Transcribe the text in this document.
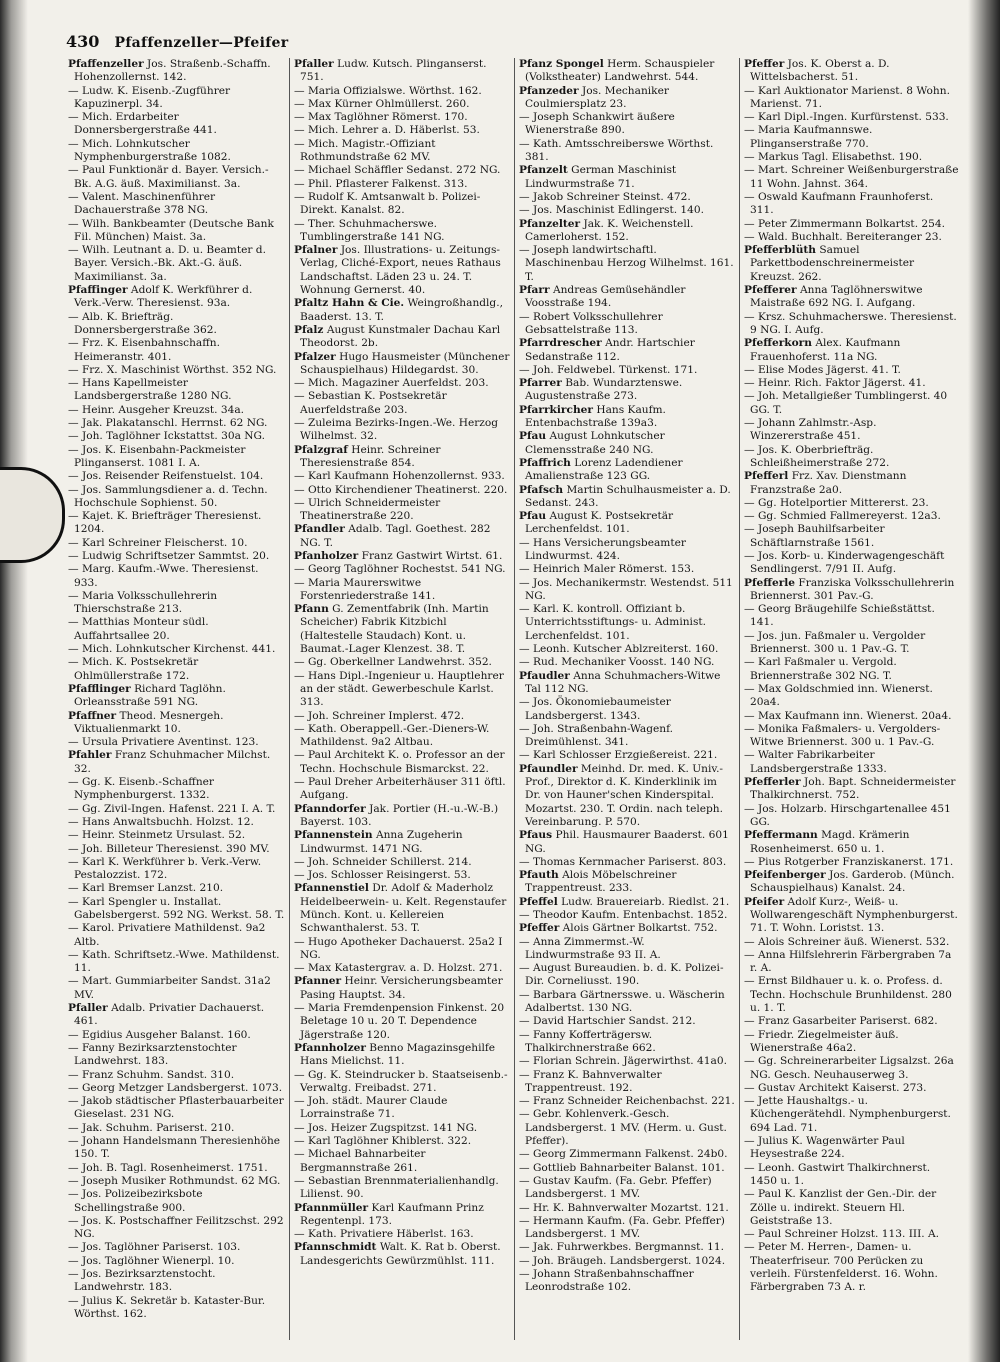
430 Pfaffenzeller—Pfeifer

Pfaffenzeller Jos. Straßenb.-Schaffn. Hohenzollernst. 142.

— Ludw. K. Eisenb.-Zugführer Kapuzinerpl. 34.

— Mich. Erdarbeiter Donnersbergerstraße 441.

— Mich. Lohnkutscher Nymphenburgerstraße 1082.

— Paul Funktionär d. Bayer. Versich.-Bk. A.G. äuß. Maximilianst. 3a.

— Valent. Maschinenführer Dachauerstraße 378 NG.

— Wilh. Bankbeamter (Deutsche Bank Fil. München) Maist. 3a.

— Wilh. Leutnant a. D. u. Beamter d. Bayer. Versich.-Bk. Akt.-G. äuß. Maximilianst. 3a.

Pfaffinger Adolf K. Werkführer d. Verk.-Verw. Theresienst. 93a.

— Alb. K. Briefträg. Donnersbergerstraße 362.

— Frz. K. Eisenbahnschaffn. Heimeranstr. 401.

— Frz. X. Maschinist Wörthst. 352 NG.

— Hans Kapellmeister Landsbergerstraße 1280 NG.

— Heinr. Ausgeher Kreuzst. 34a.

— Jak. Plakatanschl. Herrnst. 62 NG.

— Joh. Taglöhner Ickstattst. 30a NG.

— Jos. K. Eisenbahn-Packmeister Plinganserst. 1081 I. A.

— Jos. Reisender Reifenstuelst. 104.

— Jos. Sammlungsdiener a. d. Techn. Hochschule Sophienst. 50.

— Kajet. K. Briefträger Theresienst. 1204.

— Karl Schreiner Fleischerst. 10.

— Ludwig Schriftsetzer Sammtst. 20.

— Marg. Kaufm.-Wwe. Theresienst. 933.

— Maria Volksschullehrerin Thierschstraße 213.

— Matthias Monteur südl. Auffahrtsallee 20.

— Mich. Lohnkutscher Kirchenst. 441.

— Mich. K. Postsekretär Ohlmüllerstraße 172.

Pfafflinger Richard Taglöhn. Orleansstraße 591 NG.

Pfaffner Theod. Mesnergeh. Viktualienmarkt 10.

— Ursula Privatiere Aventinst. 123.

Pfahler Franz Schuhmacher Milchst. 32.

— Gg. K. Eisenb.-Schaffner Nymphenburgerst. 1332.

— Gg. Zivil-Ingen. Hafenst. 221 I. A. T.

— Hans Anwaltsbuchh. Holzst. 12.

— Heinr. Steinmetz Ursulast. 52.

— Joh. Billeteur Theresienst. 390 MV.

— Karl K. Werkführer b. Verk.-Verw. Pestalozzist. 172.

— Karl Bremser Lanzst. 210.

— Karl Spengler u. Installat. Gabelsbergerst. 592 NG. Werkst. 58. T.

— Karol. Privatiere Mathildenst. 9a2 Altb.

— Kath. Schriftsetz.-Wwe. Mathildenst. 11.

— Mart. Gummiarbeiter Sandst. 31a2 MV.

Pfaller Adalb. Privatier Dachauerst. 461.

— Egidius Ausgeher Balanst. 160.

— Fanny Bezirksarztenstochter Landwehrst. 183.

— Franz Schuhm. Sandst. 310.

— Georg Metzger Landsbergerst. 1073.

— Jakob städtischer Pflasterbauarbeiter Gieselast. 231 NG.

— Jak. Schuhm. Pariserst. 210.

— Johann Handelsmann Theresienhöhe 150. T.

— Joh. B. Tagl. Rosenheimerst. 1751.

— Joseph Musiker Rothmundst. 62 MG.

— Jos. Polizeibezirksbote Schellingstraße 900.

— Jos. K. Postschaffner Feilitzschst. 292 NG.

— Jos. Taglöhner Pariserst. 103.

— Jos. Taglöhner Wienerpl. 10.

— Jos. Bezirksarztenstocht. Landwehrstr. 183.

— Julius K. Sekretär b. Kataster-Bur. Wörthst. 162.

Pfaller Ludw. Kutsch. Plinganserst. 751.

— Maria Offizialswe. Wörthst. 162.

— Max Kürner Ohlmüllerst. 260.

— Max Taglöhner Römerst. 170.

— Mich. Lehrer a. D. Häberlst. 53.

— Mich. Magistr.-Offiziant Rothmundstraße 62 MV.

— Michael Schäffler Sedanst. 272 NG.

— Phil. Pflasterer Falkenst. 313.

— Rudolf K. Amtsanwalt b. Polizei-Direkt. Kanalst. 82.

— Ther. Schuhmacherswe. Tumblingerstraße 141 NG.

Pfalner Jos. Illustrations- u. Zeitungs-Verlag, Cliché-Export, neues Rathaus Landschaftst. Läden 23 u. 24. T. Wohnung Gernerst. 40.

Pfaltz Hahn & Cie. Weingroßhandlg., Baaderst. 13. T.

Pfalz August Kunstmaler Dachau Karl Theodorst. 2b.

Pfalzer Hugo Hausmeister (Münchener Schauspielhaus) Hildegardst. 30.

— Mich. Magaziner Auerfeldst. 203.

— Sebastian K. Postsekretär Auerfeldstraße 203.

— Zuleima Bezirks-Ingen.-We. Herzog Wilhelmst. 32.

Pfalzgraf Heinr. Schreiner Theresienstraße 854.

— Karl Kaufmann Hohenzollernst. 933.

— Otto Kirchendiener Theatinerst. 220.

— Ulrich Schneidermeister Theatinerstraße 220.

Pfandler Adalb. Tagl. Goethest. 282 NG. T.

Pfanholzer Franz Gastwirt Wirtst. 61.

— Georg Taglöhner Rochestst. 541 NG.

— Maria Maurerswitwe Forstenriederstraße 141.

Pfann G. Zementfabrik (Inh. Martin Scheicher) Fabrik Kitzbichl (Haltestelle Staudach) Kont. u. Baumat.-Lager Klenzest. 38. T.

— Gg. Oberkellner Landwehrst. 352.

— Hans Dipl.-Ingenieur u. Hauptlehrer an der städt. Gewerbeschule Karlst. 313.

— Joh. Schreiner Implerst. 472.

— Kath. Oberappell.-Ger.-Dieners-W. Mathildenst. 9a2 Altbau.

— Paul Architekt K. o. Professor an der Techn. Hochschule Bismarckst. 22.

— Paul Dreher Arbeiterhäuser 311 öftl. Aufgang.

Pfanndorfer Jak. Portier (H.-u.-W.-B.) Bayerst. 103.

Pfannenstein Anna Zugeherin Lindwurmst. 1471 NG.

— Joh. Schneider Schillerst. 214.

— Jos. Schlosser Reisingerst. 53.

Pfannenstiel Dr. Adolf & Maderholz Heidelbeerwein- u. Kelt. Regenstaufer Münch. Kont. u. Kellereien Schwanthalerst. 53. T.

— Hugo Apotheker Dachauerst. 25a2 I NG.

— Max Katastergrav. a. D. Holzst. 271.

Pfanner Heinr. Versicherungsbeamter Pasing Hauptst. 34.

— Maria Fremdenpension Finkenst. 20 Beletage 10 u. 20 T. Dependence Jägerstraße 120.

Pfannholzer Benno Magazinsgehilfe Hans Mielichst. 11.

— Gg. K. Steindrucker b. Staatseisenb.-Verwaltg. Freibadst. 271.

— Joh. städt. Maurer Claude Lorrainstraße 71.

— Jos. Heizer Zugspitzst. 141 NG.

— Karl Taglöhner Khiblerst. 322.

— Michael Bahnarbeiter Bergmannstraße 261.

— Sebastian Brennmaterialienhandlg. Lilienst. 90.

Pfannmüller Karl Kaufmann Prinz Regentenpl. 173.

— Kath. Privatiere Häberlst. 163.

Pfannschmidt Walt. K. Rat b. Oberst. Landesgerichts Gewürzmühlst. 111.

Pfanz Spongel Herm. Schauspieler (Volkstheater) Landwehrst. 544.

Pfanzeder Jos. Mechaniker Coulmiersplatz 23.

— Joseph Schankwirt äußere Wienerstraße 890.

— Kath. Amtsschreiberswe Wörthst. 381.

Pfanzelt German Maschinist Lindwurmstraße 71.

— Jakob Schreiner Steinst. 472.

— Jos. Maschinist Edlingerst. 140.

Pfanzelter Jak. K. Weichenstell. Camerloherst. 152.

— Joseph landwirtschaftl. Maschinenbau Herzog Wilhelmst. 161. T.

Pfarr Andreas Gemüsehändler Voosstraße 194.

— Robert Volksschullehrer Gebsattelstraße 113.

Pfarrdrescher Andr. Hartschier Sedanstraße 112.

— Joh. Feldwebel. Türkenst. 171.

Pfarrer Bab. Wundarztenswe. Augustenstraße 273.

Pfarrkircher Hans Kaufm. Entenbachstraße 139a3.

Pfau August Lohnkutscher Clemensstraße 240 NG.

Pfaffrich Lorenz Ladendiener Amalienstraße 123 GG.

Pfafsch Martin Schulhausmeister a. D. Sedanst. 243.

Pfau August K. Postsekretär Lerchenfeldst. 101.

— Hans Versicherungsbeamter Lindwurmst. 424.

— Heinrich Maler Römerst. 153.

— Jos. Mechanikermstr. Westendst. 511 NG.

— Karl. K. kontroll. Offiziant b. Unterrichtsstiftungs- u. Administ. Lerchenfeldst. 101.

— Leonh. Kutscher Ablzreiterst. 160.

— Rud. Mechaniker Voosst. 140 NG.

Pfaudler Anna Schuhmachers-Witwe Tal 112 NG.

— Jos. Ökonomiebaumeister Landsbergerst. 1343.

— Joh. Straßenbahn-Wagenf. Dreimühlenst. 341.

— Karl Schlosser Erzgießereist. 221.

Pfaundler Meinhd. Dr. med. K. Univ.-Prof., Direktor d. K. Kinderklinik im Dr. von Hauner'schen Kinderspital. Mozartst. 230. T. Ordin. nach teleph. Vereinbarung. P. 570.

Pfaus Phil. Hausmaurer Baaderst. 601 NG.

— Thomas Kernmacher Pariserst. 803.

Pfauth Alois Möbelschreiner Trappentreust. 233.

Pfeffel Ludw. Brauereiarb. Riedlst. 21.

— Theodor Kaufm. Entenbachst. 1852.

Pfeffer Alois Gärtner Bolkartst. 752.

— Anna Zimmermst.-W. Lindwurmstraße 93 II. A.

— August Bureaudien. b. d. K. Polizei-Dir. Corneliusst. 190.

— Barbara Gärtnersswe. u. Wäscherin Adalbertst. 130 NG.

— David Hartschier Sandst. 212.

— Fanny Kofferträgersw. Thalkirchnerstraße 662.

— Florian Schrein. Jägerwirthst. 41a0.

— Franz K. Bahnverwalter Trappentreust. 192.

— Franz Schneider Reichenbachst. 221.

— Gebr. Kohlenverk.-Gesch. Landsbergerst. 1 MV. (Herm. u. Gust. Pfeffer).

— Georg Zimmermann Falkenst. 24b0.

— Gottlieb Bahnarbeiter Balanst. 101.

— Gustav Kaufm. (Fa. Gebr. Pfeffer) Landsbergerst. 1 MV.

— Hr. K. Bahnverwalter Mozartst. 121.

— Hermann Kaufm. (Fa. Gebr. Pfeffer) Landsbergerst. 1 MV.

— Jak. Fuhrwerkbes. Bergmannst. 11.

— Joh. Bräugeh. Landsbergerst. 1024.

— Johann Straßenbahnschaffner Leonrodstraße 102.

Pfeffer Jos. K. Oberst a. D. Wittelsbacherst. 51.

— Karl Auktionator Marienst. 8 Wohn. Marienst. 71.

— Karl Dipl.-Ingen. Kurfürstenst. 533.

— Maria Kaufmannswe. Plinganserstraße 770.

— Markus Tagl. Elisabethst. 190.

— Mart. Schreiner Weißenburgerstraße 11 Wohn. Jahnst. 364.

— Oswald Kaufmann Fraunhoferst. 311.

— Peter Zimmermann Bolkartst. 254.

— Wald. Buchhalt. Bereiteranger 23.

Pfefferblüth Samuel Parkettbodenschreinermeister Kreuzst. 262.

Pfefferer Anna Taglöhnerswitwe Maistraße 692 NG. I. Aufgang.

— Krsz. Schuhmacherswe. Theresienst. 9 NG. I. Aufg.

Pfefferkorn Alex. Kaufmann Frauenhoferst. 11a NG.

— Elise Modes Jägerst. 41. T.

— Heinr. Rich. Faktor Jägerst. 41.

— Joh. Metallgießer Tumblingerst. 40 GG. T.

— Johann Zahlmstr.-Asp. Winzererstraße 451.

— Jos. K. Oberbriefträg. Schleißheimerstraße 272.

Pfefferl Frz. Xav. Dienstmann Franzstraße 2a0.

— Gg. Hotelportier Mittererst. 23.

— Gg. Schmied Fallmereyerst. 12a3.

— Joseph Bauhilfsarbeiter Schäftlarnstraße 1561.

— Jos. Korb- u. Kinderwagengeschäft Sendlingerst. 7/91 II. Aufg.

Pfefferle Franziska Volksschullehrerin Briennerst. 301 Pav.-G.

— Georg Bräugehilfe Schießstättst. 141.

— Jos. jun. Faßmaler u. Vergolder Briennerst. 300 u. 1 Pav.-G. T.

— Karl Faßmaler u. Vergold. Briennerstraße 302 NG. T.

— Max Goldschmied inn. Wienerst. 20a4.

— Max Kaufmann inn. Wienerst. 20a4.

— Monika Faßmalers- u. Vergolders-Witwe Briennerst. 300 u. 1 Pav.-G.

— Walter Fabrikarbeiter Landsbergerstraße 1333.

Pfefferler Joh. Bapt. Schneidermeister Thalkirchnerst. 752.

— Jos. Holzarb. Hirschgartenallee 451 GG.

Pfeffermann Magd. Krämerin Rosenheimerst. 650 u. 1.

— Pius Rotgerber Franziskanerst. 171.

Pfeifenberger Jos. Garderob. (Münch. Schauspielhaus) Kanalst. 24.

Pfeifer Adolf Kurz-, Weiß- u. Wollwarengeschäft Nymphenburgerst. 71. T. Wohn. Loristst. 13.

— Alois Schreiner äuß. Wienerst. 532.

— Anna Hilfslehrerin Färbergraben 7a r. A.

— Ernst Bildhauer u. k. o. Profess. d. Techn. Hochschule Brunhildenst. 280 u. 1. T.

— Franz Gasarbeiter Pariserst. 682.

— Friedr. Ziegelmeister äuß. Wienerstraße 46a2.

— Gg. Schreinerarbeiter Ligsalzst. 26a NG. Gesch. Neuhauserweg 3.

— Gustav Architekt Kaiserst. 273.

— Jette Haushaltgs.- u. Küchengerätehdl. Nymphenburgerst. 694 Lad. 71.

— Julius K. Wagenwärter Paul Heysestraße 224.

— Leonh. Gastwirt Thalkirchnerst. 1450 u. 1.

— Paul K. Kanzlist der Gen.-Dir. der Zölle u. indirekt. Steuern Hl. Geiststraße 13.

— Paul Schreiner Holzst. 113. III. A.

— Peter M. Herren-, Damen- u. Theaterfriseur. 700 Perücken zu verleih. Fürstenfelderst. 16. Wohn. Färbergraben 73 A. r.
